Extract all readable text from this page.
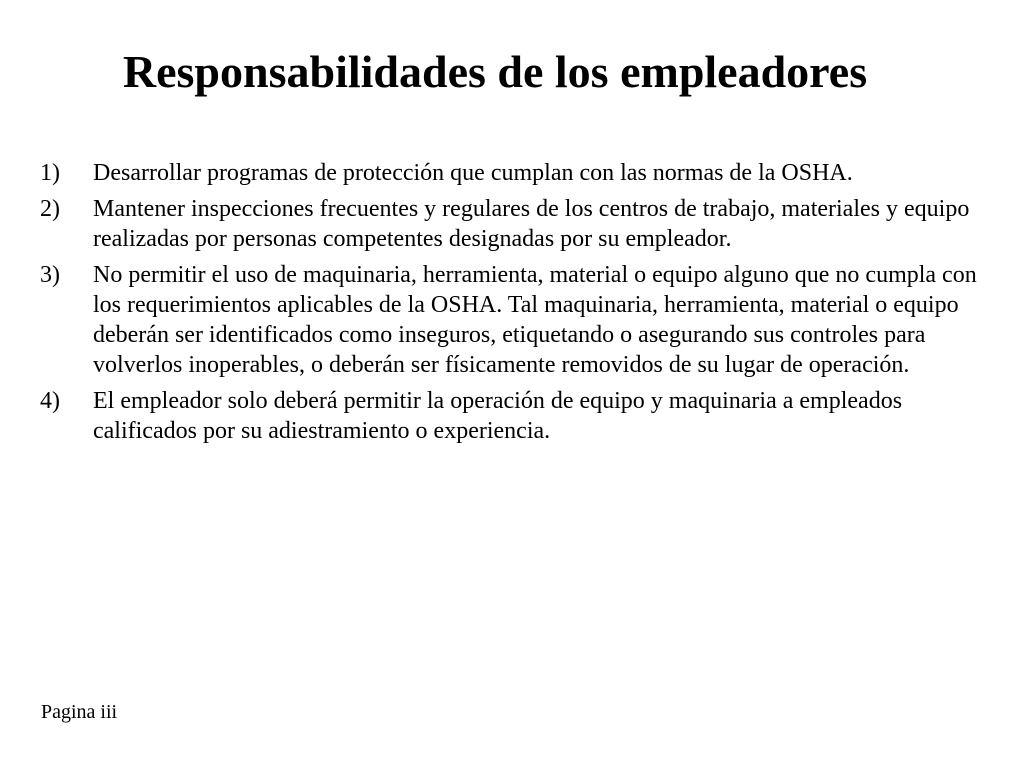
Responsabilidades de los empleadores
1) Desarrollar programas de protección que cumplan con las normas de la OSHA.
2) Mantener inspecciones frecuentes y regulares de los centros de trabajo, materiales y equipo realizadas por personas competentes designadas por su empleador.
3) No permitir el uso de maquinaria, herramienta, material o equipo alguno que no cumpla con los requerimientos aplicables de la OSHA. Tal maquinaria, herramienta, material o equipo deberán ser identificados como inseguros, etiquetando o asegurando sus controles para volverlos inoperables, o deberán ser físicamente removidos de su lugar de operación.
4) El empleador solo deberá permitir la operación de equipo y maquinaria a empleados calificados por su adiestramiento o experiencia.
Pagina iii
